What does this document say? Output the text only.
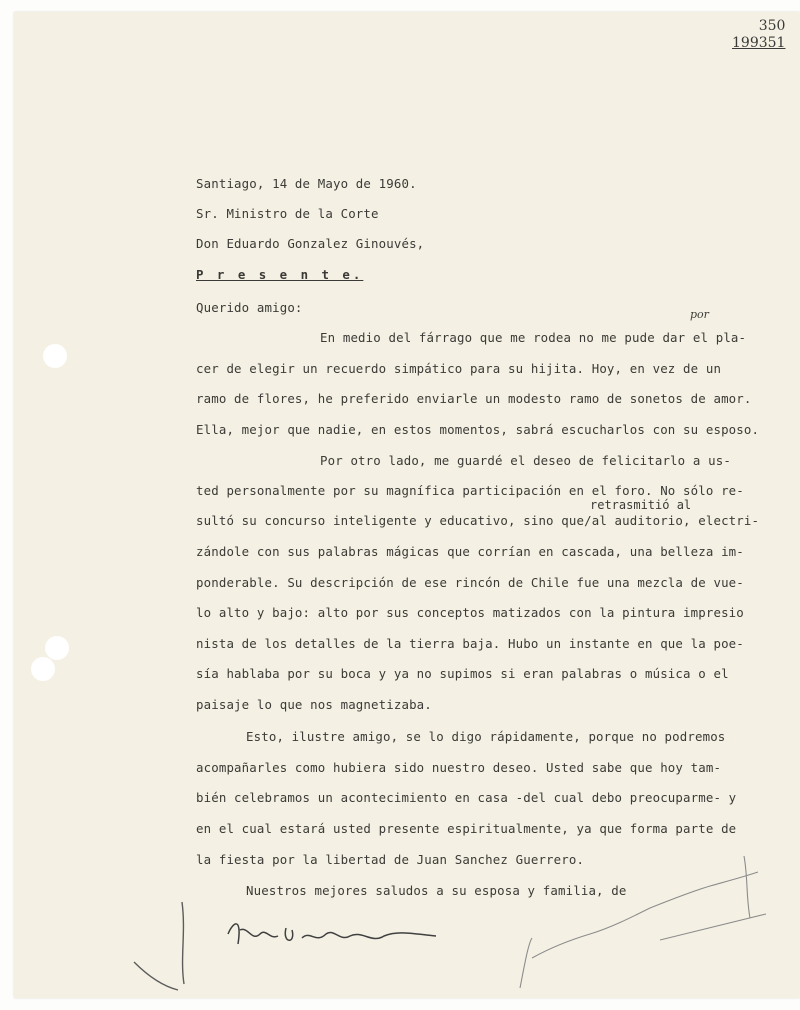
350
199351
Santiago, 14 de Mayo de 1960.
Sr. Ministro de la Corte
Don Eduardo Gonzalez Ginouvés,
P r e s e n t e.
Querido amigo:	por
retrasmitió al
En medio del fárrago que me rodea no me pude dar el pla-
cer de elegir un recuerdo simpático para su hijita. Hoy, en vez de un
ramo de flores, he preferido enviarle un modesto ramo de sonetos de amor.
Ella, mejor que nadie, en estos momentos, sabrá escucharlos con su esposo.
Por otro lado, me guardé el deseo de felicitarlo a us-
ted personalmente por su magnífica participación en el foro. No sólo re-
sultó su concurso inteligente y educativo, sino que/al auditorio, electri-
zándole con sus palabras mágicas que corrían en cascada, una belleza im-
ponderable. Su descripción de ese rincón de Chile fue una mezcla de vue-
lo alto y bajo: alto por sus conceptos matizados con la pintura impresio
nista de los detalles de la tierra baja. Hubo un instante en que la poe-
sía hablaba por su boca y ya no supimos si eran palabras o música o el
paisaje lo que nos magnetizaba.
Esto, ilustre amigo, se lo digo rápidamente, porque no podremos
acompañarles como hubiera sido nuestro deseo. Usted sabe que hoy tam-
bién celebramos un acontecimiento en casa -del cual debo preocuparme- y
en el cual estará usted presente espiritualmente, ya que forma parte de
la fiesta por la libertad de Juan Sanchez Guerrero.
Nuestros mejores saludos a su esposa y familia, de
